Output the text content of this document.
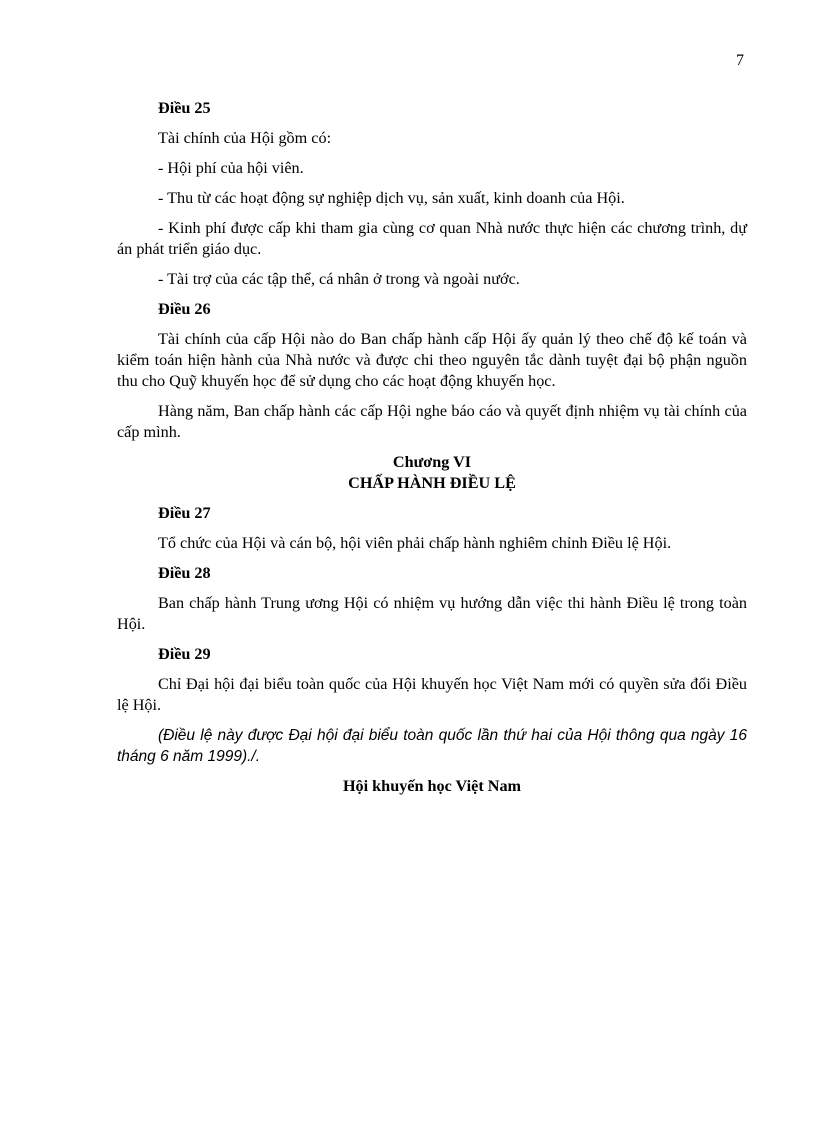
7
Điều 25
Tài chính của Hội gồm có:
- Hội phí của hội viên.
- Thu từ các hoạt động sự nghiệp dịch vụ, sản xuất, kinh doanh của Hội.
- Kinh phí được cấp khi tham gia cùng cơ quan Nhà nước thực hiện các chương trình, dự án phát triển giáo dục.
- Tài trợ của các tập thể, cá nhân ở trong và ngoài nước.
Điều 26
Tài chính của cấp Hội nào do Ban chấp hành cấp Hội ấy quản lý theo chế độ kế toán và kiểm toán hiện hành của Nhà nước và được chi theo nguyên tắc dành tuyệt đại bộ phận nguồn thu cho Quỹ khuyến học để sử dụng cho các hoạt động khuyến học.
Hàng năm, Ban chấp hành các cấp Hội nghe báo cáo và quyết định nhiệm vụ tài chính của cấp mình.
Chương VI
CHẤP HÀNH ĐIỀU LỆ
Điều 27
Tổ chức của Hội và cán bộ, hội viên phải chấp hành nghiêm chỉnh Điều lệ Hội.
Điều 28
Ban chấp hành Trung ương Hội có nhiệm vụ hướng dẫn việc thi hành Điều lệ trong toàn Hội.
Điều 29
Chỉ Đại hội đại biểu toàn quốc của Hội khuyến học Việt Nam mới có quyền sửa đổi Điều lệ Hội.
(Điều lệ này được Đại hội đại biểu toàn quốc lần thứ hai của Hội thông qua ngày 16 tháng 6 năm 1999)./.
Hội khuyến học Việt Nam
